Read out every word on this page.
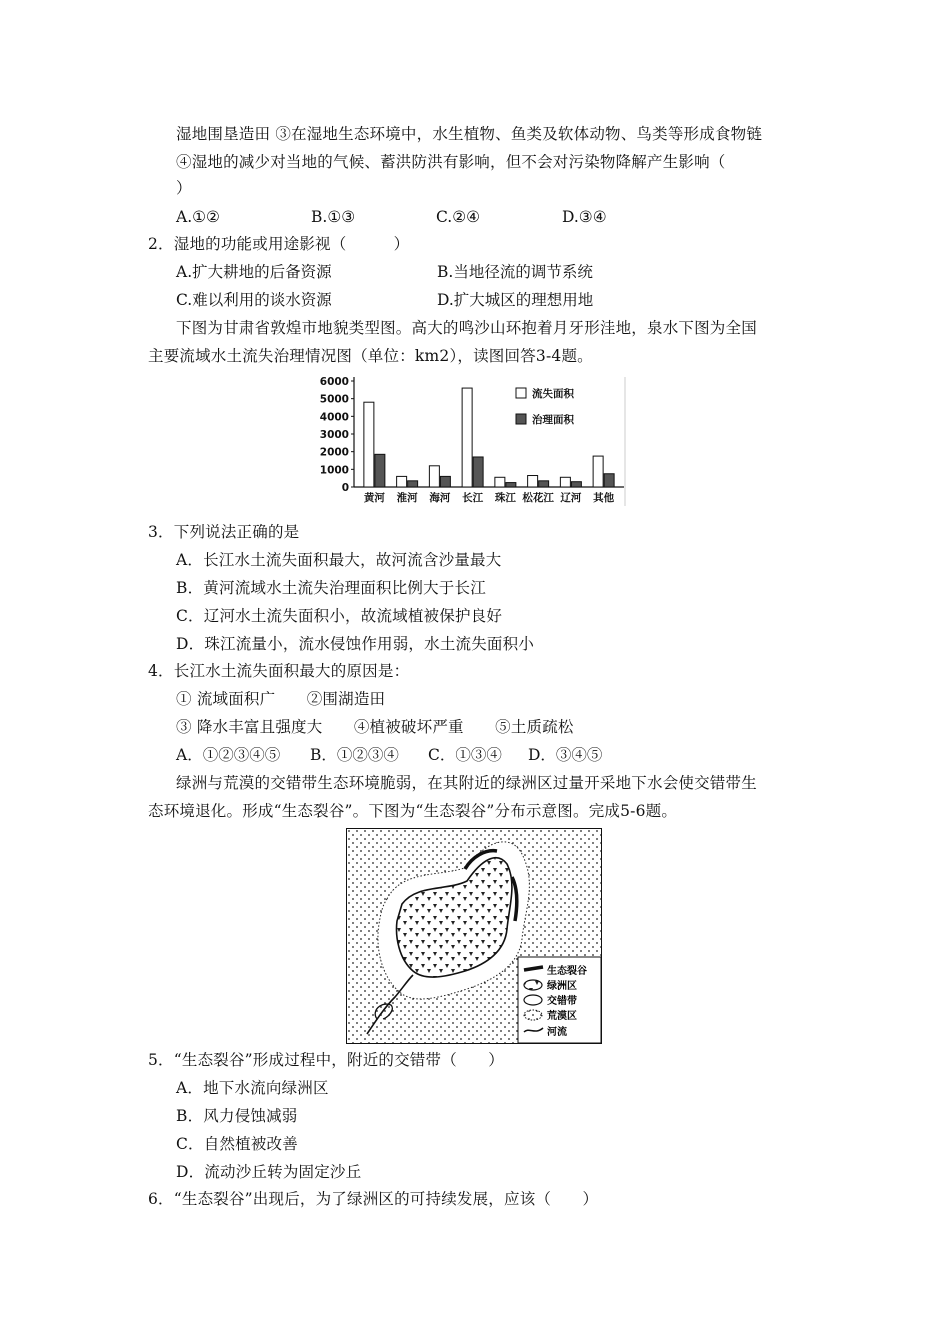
湿地围垦造田 ③在湿地生态环境中，水生植物、鱼类及软体动物、鸟类等形成食物链
④湿地的减少对当地的气候、蓄洪防洪有影响，但不会对污染物降解产生影响（
）
A.①②	B.①③	C.②④	D.③④
2．湿地的功能或用途影视（　　　）
A.扩大耕地的后备资源	B.当地径流的调节系统
C.难以利用的谈水资源	D.扩大城区的理想用地
下图为甘肃省敦煌市地貌类型图。高大的鸣沙山环抱着月牙形洼地，泉水下图为全国
主要流域水土流失治理情况图（单位：km2），读图回答3-4题。
6000
5000
4000
3000
2000
1000
0
黄河 淮河 海河 长江 珠江 松花江 辽河 其他
流失面积
治理面积
3．下列说法正确的是
A．长江水土流失面积最大，故河流含沙量最大
B．黄河流域水土流失治理面积比例大于长江
C．辽河水土流失面积小，故流域植被保护良好
D．珠江流量小，流水侵蚀作用弱，水土流失面积小
4．长江水土流失面积最大的原因是：
① 流域面积广　　②围湖造田
③ 降水丰富且强度大　　④植被破坏严重　　⑤土质疏松
A．①②③④⑤ B．①②③④ C．①③④ D．③④⑤
绿洲与荒漠的交错带生态环境脆弱，在其附近的绿洲区过量开采地下水会使交错带生
态环境退化。形成“生态裂谷”。下图为“生态裂谷”分布示意图。完成5-6题。
生态裂谷
绿洲区
交错带
荒漠区
河流
5．“生态裂谷”形成过程中，附近的交错带（　　）
A．地下水流向绿洲区
B．风力侵蚀减弱
C．自然植被改善
D．流动沙丘转为固定沙丘
6．“生态裂谷”出现后，为了绿洲区的可持续发展，应该（　　）
